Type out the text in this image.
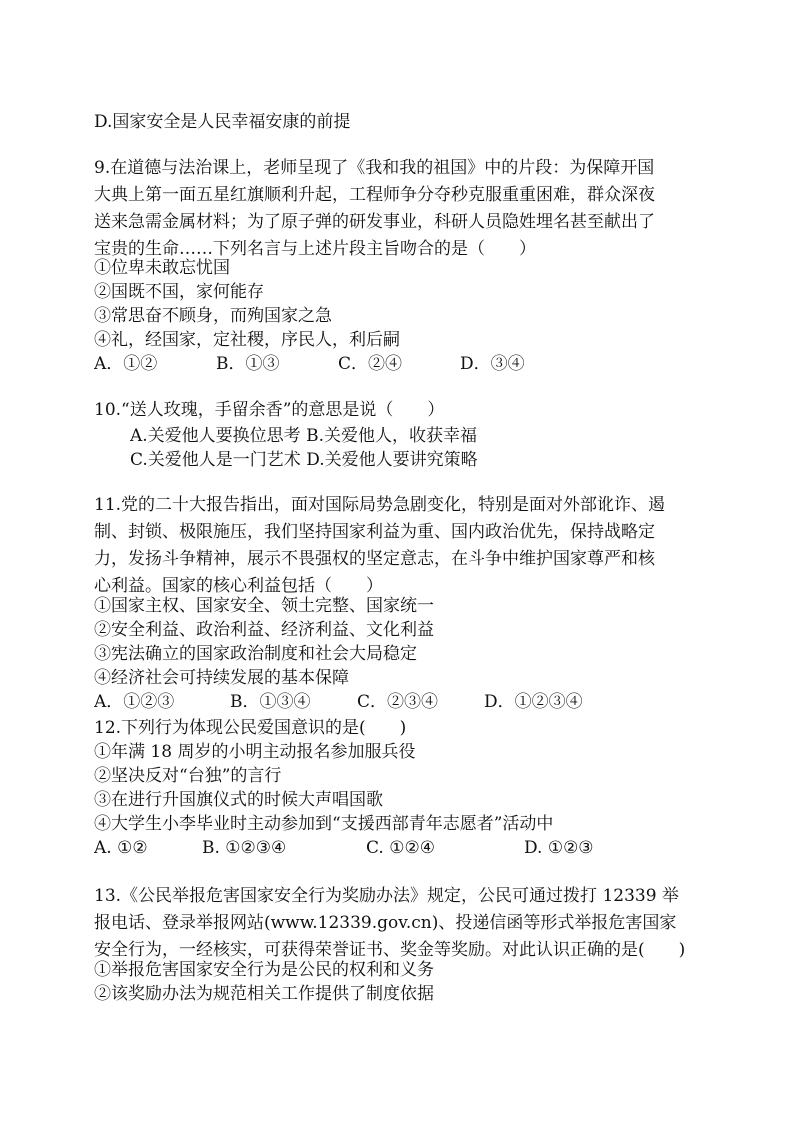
D.国家安全是人民幸福安康的前提
9.在道德与法治课上，老师呈现了《我和我的祖国》中的片段：为保障开国
大典上第一面五星红旗顺利升起，工程师争分夺秒克服重重困难，群众深夜
送来急需金属材料；为了原子弹的研发事业，科研人员隐姓埋名甚至献出了
宝贵的生命……下列名言与上述片段主旨吻合的是（　　）
①位卑未敢忘忧国
②国既不国，家何能存
③常思奋不顾身，而殉国家之急
④礼，经国家，定社稷，序民人，利后嗣
A．①②	B．①③	C．②④	D．③④
10.“送人玫瑰，手留余香”的意思是说（　　）
A.关爱他人要换位思考 B.关爱他人，收获幸福
C.关爱他人是一门艺术 D.关爱他人要讲究策略
11.党的二十大报告指出，面对国际局势急剧变化，特别是面对外部讹诈、遏
制、封锁、极限施压，我们坚持国家利益为重、国内政治优先，保持战略定
力，发扬斗争精神，展示不畏强权的坚定意志，在斗争中维护国家尊严和核
心利益。国家的核心利益包括（　　）
①国家主权、国家安全、领土完整、国家统一
②安全利益、政治利益、经济利益、文化利益
③宪法确立的国家政治制度和社会大局稳定
④经济社会可持续发展的基本保障
A．①②③	B．①③④	C．②③④	D．①②③④
12.下列行为体现公民爱国意识的是(　　)
①年满 18 周岁的小明主动报名参加服兵役
②坚决反对“台独”的言行
③在进行升国旗仪式的时候大声唱国歌
④大学生小李毕业时主动参加到“支援西部青年志愿者”活动中
A. ①②	B. ①②③④	C. ①②④	D. ①②③
13.《公民举报危害国家安全行为奖励办法》规定，公民可通过拨打 12339 举
报电话、登录举报网站(www.12339.gov.cn)、投递信函等形式举报危害国家
安全行为，一经核实，可获得荣誉证书、奖金等奖励。对此认识正确的是(　　)
①举报危害国家安全行为是公民的权利和义务
②该奖励办法为规范相关工作提供了制度依据
